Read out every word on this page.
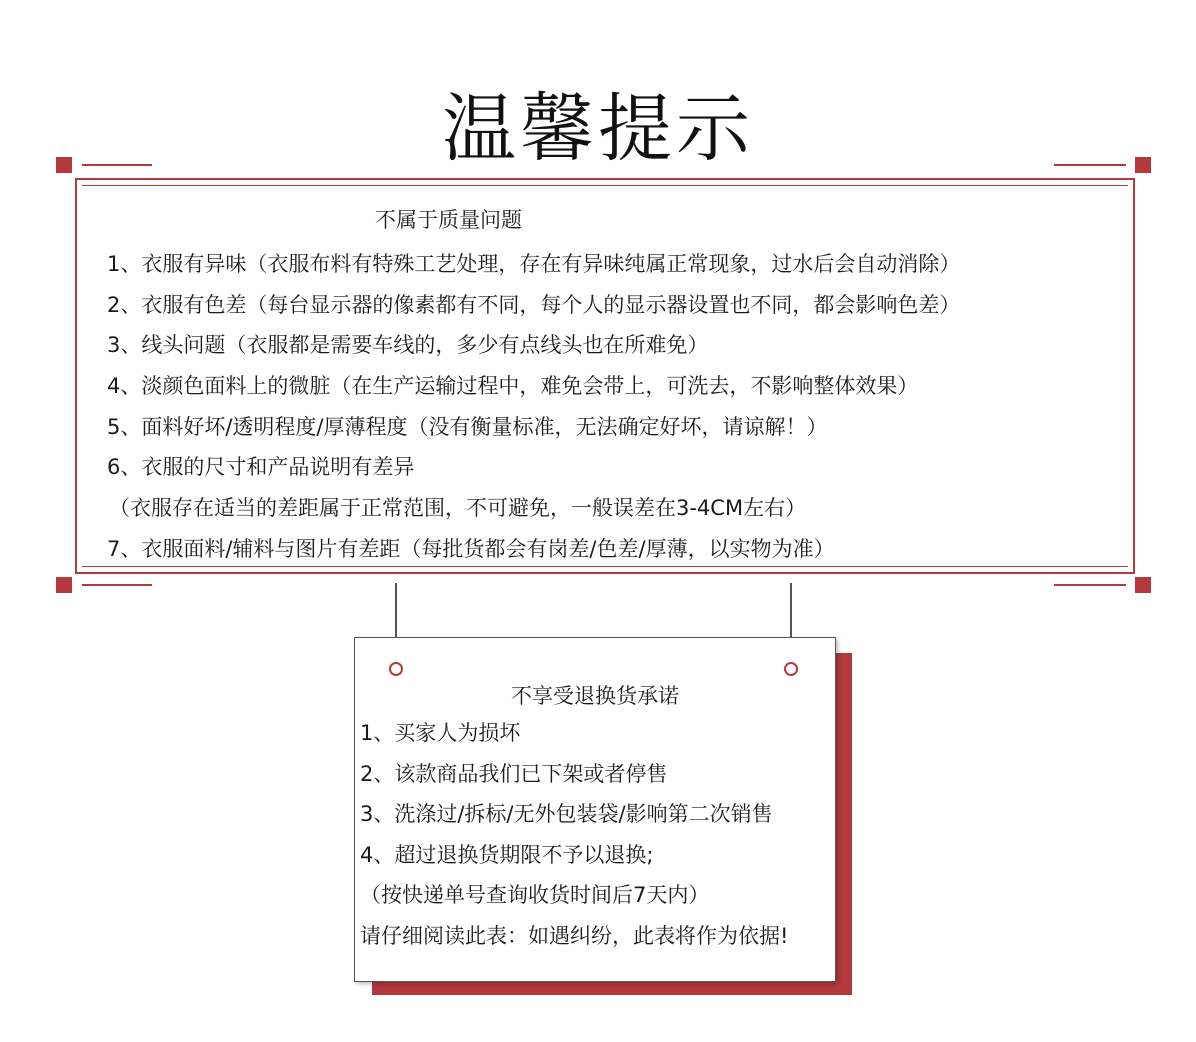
温馨提示
不属于质量问题
1、衣服有异味（衣服布料有特殊工艺处理，存在有异味纯属正常现象，过水后会自动消除）
2、衣服有色差（每台显示器的像素都有不同，每个人的显示器设置也不同，都会影响色差）
3、线头问题（衣服都是需要车线的，多少有点线头也在所难免）
4、淡颜色面料上的微脏（在生产运输过程中，难免会带上，可洗去，不影响整体效果）
5、面料好坏/透明程度/厚薄程度（没有衡量标准，无法确定好坏，请谅解！）
6、衣服的尺寸和产品说明有差异
（衣服存在适当的差距属于正常范围，不可避免，一般误差在3-4CM左右）
7、衣服面料/辅料与图片有差距（每批货都会有岗差/色差/厚薄，以实物为准）
不享受退换货承诺
1、买家人为损坏
2、该款商品我们已下架或者停售
3、洗涤过/拆标/无外包装袋/影响第二次销售
4、超过退换货期限不予以退换;
（按快递单号查询收货时间后7天内）
请仔细阅读此表：如遇纠纷，此表将作为依据!
